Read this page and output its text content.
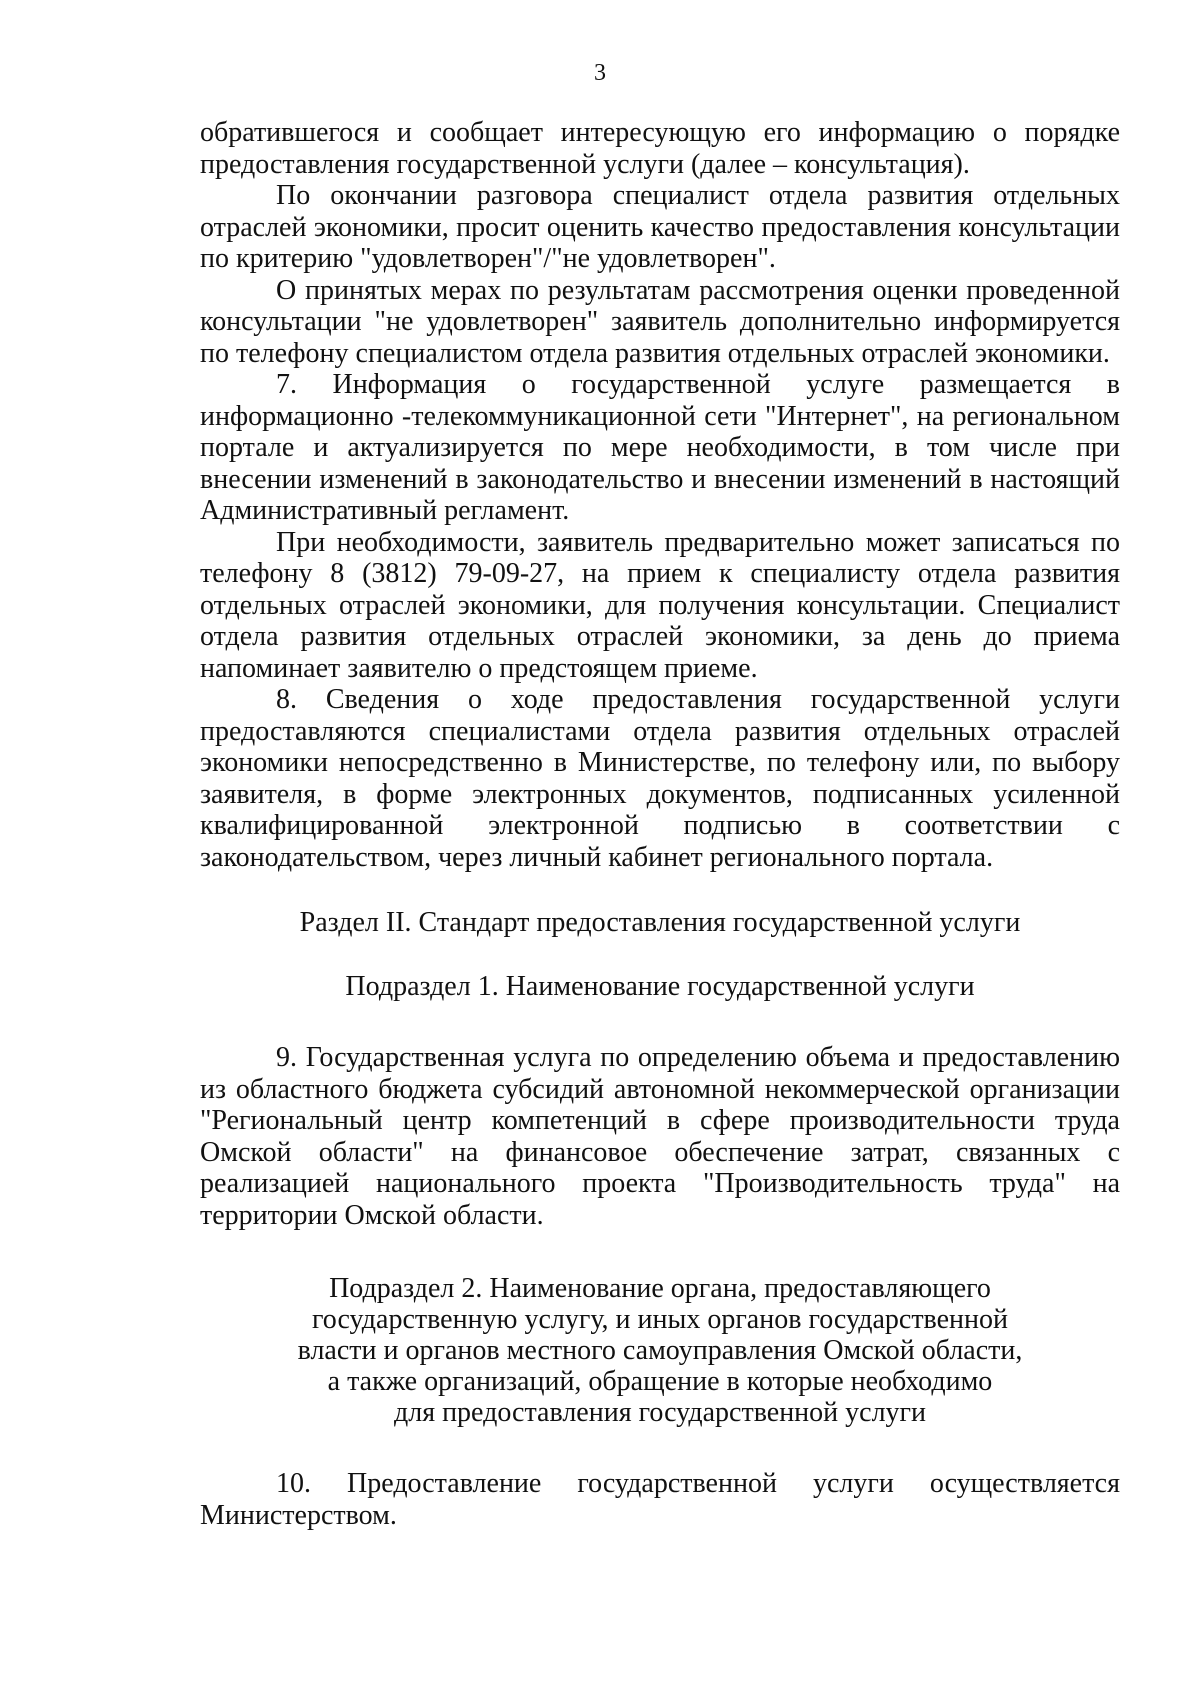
3

обратившегося и сообщает интересующую его информацию о порядке предоставления государственной услуги (далее – консультация).

По окончании разговора специалист отдела развития отдельных отраслей экономики, просит оценить качество предоставления консультации по критерию "удовлетворен"/"не удовлетворен".

О принятых мерах по результатам рассмотрения оценки проведенной консультации "не удовлетворен" заявитель дополнительно информируется по телефону специалистом отдела развития отдельных отраслей экономики.

7. Информация о государственной услуге размещается в информационно -телекоммуникационной сети "Интернет", на региональном портале и актуализируется по мере необходимости, в том числе при внесении изменений в законодательство и внесении изменений в настоящий Административный регламент.

При необходимости, заявитель предварительно может записаться по телефону 8 (3812) 79-09-27, на прием к специалисту отдела развития отдельных отраслей экономики, для получения консультации. Специалист отдела развития отдельных отраслей экономики, за день до приема напоминает заявителю о предстоящем приеме.

8. Сведения о ходе предоставления государственной услуги предоставляются специалистами отдела развития отдельных отраслей экономики непосредственно в Министерстве, по телефону или, по выбору заявителя, в форме электронных документов, подписанных усиленной квалифицированной электронной подписью в соответствии с законодательством, через личный кабинет регионального портала.

Раздел II. Стандарт предоставления государственной услуги
Подраздел 1. Наименование государственной услуги

9. Государственная услуга по определению объема и предоставлению из областного бюджета субсидий автономной некоммерческой организации "Региональный центр компетенций в сфере производительности труда Омской области" на финансовое обеспечение затрат, связанных с реализацией национального проекта "Производительность труда" на территории Омской области.

Подраздел 2. Наименование органа, предоставляющего
государственную услугу, и иных органов государственной
власти и органов местного самоуправления Омской области,
а также организаций, обращение в которые необходимо
для предоставления государственной услуги

10. Предоставление государственной услуги осуществляется Министерством.
